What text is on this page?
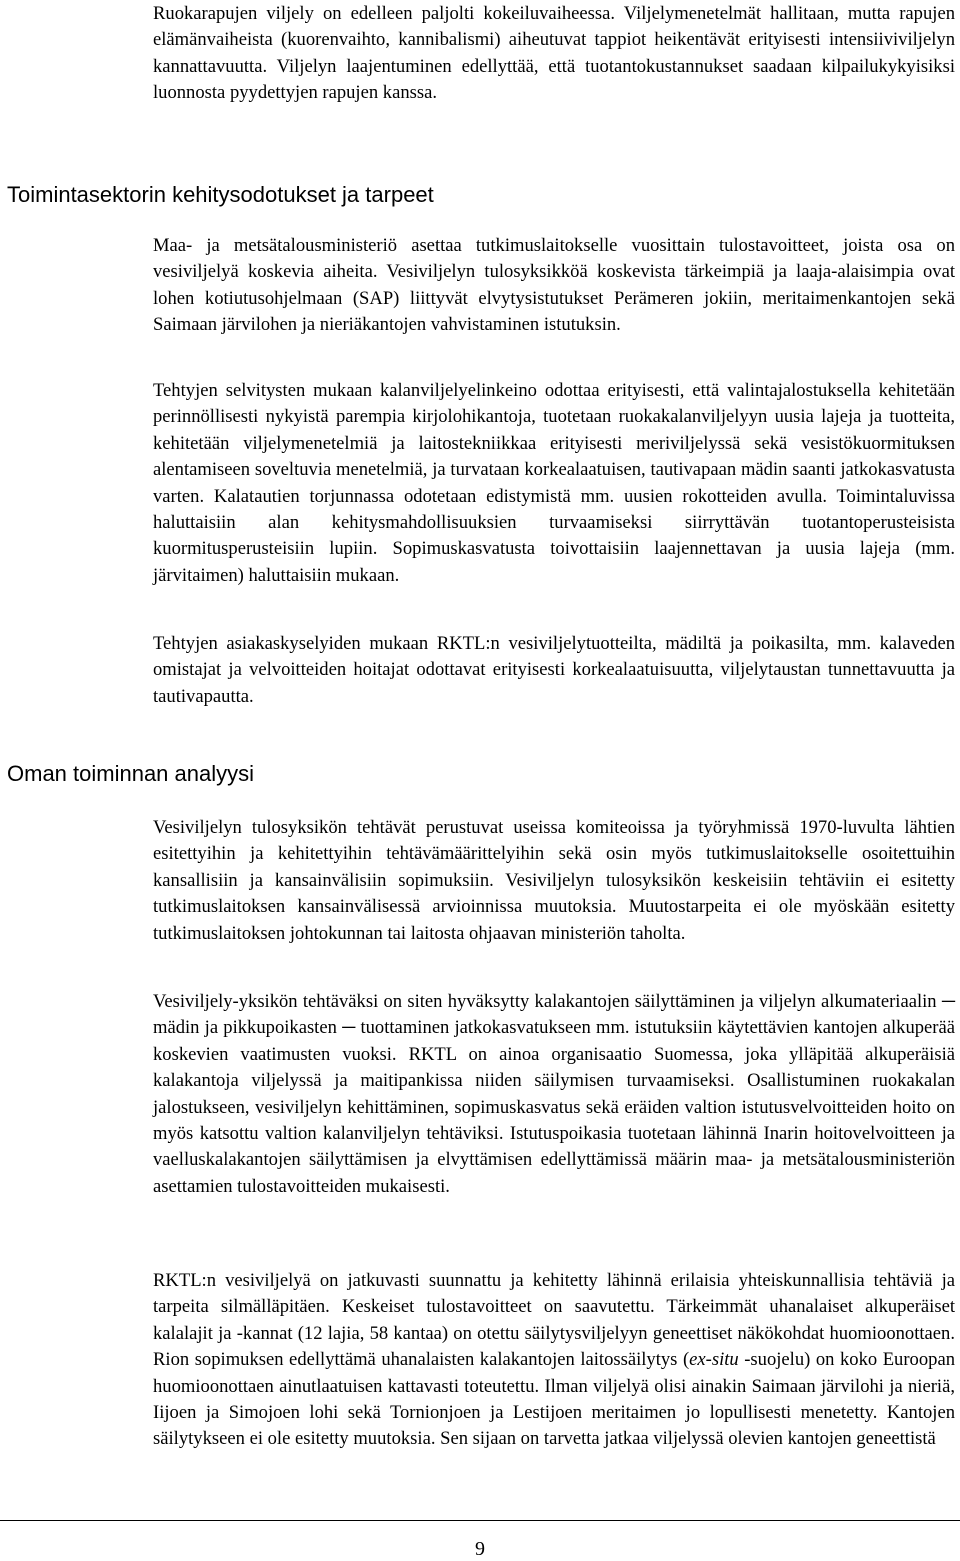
Ruokarapujen viljely on edelleen paljolti kokeiluvaiheessa. Viljelymenetelmät hallitaan, mutta rapujen elämänvaiheista (kuorenvaihto, kannibalismi) aiheutuvat tappiot heikentävät erityisesti intensiiviviljelyn kannattavuutta. Viljelyn laajentuminen edellyttää, että tuotantokustannukset saadaan kilpailukykyisiksi luonnosta pyydettyjen rapujen kanssa.

Toimintasektorin kehitysodotukset ja tarpeet

Maa- ja metsätalousministeriö asettaa tutkimuslaitokselle vuosittain tulostavoitteet, joista osa on vesiviljelyä koskevia aiheita. Vesiviljelyn tulosyksikköä koskevista tärkeimpiä ja laaja-alaisimpia ovat lohen kotiutusohjelmaan (SAP) liittyvät elvytysistutukset Perämeren jokiin, meritaimenkantojen sekä Saimaan järvilohen ja nieriäkantojen vahvistaminen istutuksin.

Tehtyjen selvitysten mukaan kalanviljelyelinkeino odottaa erityisesti, että valintajalostuksella kehitetään perinnöllisesti nykyistä parempia kirjolohikantoja, tuotetaan ruokakalanviljelyyn uusia lajeja ja tuotteita, kehitetään viljelymenetelmiä ja laitostekniikkaa erityisesti meriviljelyssä sekä vesistökuormituksen alentamiseen soveltuvia menetelmiä, ja turvataan korkealaatuisen, tautivapaan mädin saanti jatkokasvatusta varten. Kalatautien torjunnassa odotetaan edistymistä mm. uusien rokotteiden avulla. Toimintaluvissa haluttaisiin alan kehitysmahdollisuuksien turvaamiseksi siirryttävän tuotantoperusteisista kuormitusperusteisiin lupiin. Sopimuskasvatusta toivottaisiin laajennettavan ja uusia lajeja (mm. järvitaimen) haluttaisiin mukaan.

Tehtyjen asiakaskyselyiden mukaan RKTL:n vesiviljelytuotteilta, mädiltä ja poikasilta, mm. kalaveden omistajat ja velvoitteiden hoitajat odottavat erityisesti korkealaatuisuutta, viljelytaustan tunnettavuutta ja tautivapautta.

Oman toiminnan analyysi

Vesiviljelyn tulosyksikön tehtävät perustuvat useissa komiteoissa ja työryhmissä 1970-luvulta lähtien esitettyihin ja kehitettyihin tehtävämäärittelyihin sekä osin myös tutkimuslaitokselle osoitettuihin kansallisiin ja kansainvälisiin sopimuksiin. Vesiviljelyn tulosyksikön keskeisiin tehtäviin ei esitetty tutkimuslaitoksen kansainvälisessä arvioinnissa muutoksia. Muutostarpeita ei ole myöskään esitetty tutkimuslaitoksen johtokunnan tai laitosta ohjaavan ministeriön taholta.

Vesiviljely-yksikön tehtäväksi on siten hyväksytty kalakantojen säilyttäminen ja viljelyn alkumateriaalin ─ mädin ja pikkupoikasten ─ tuottaminen jatkokasvatukseen mm. istutuksiin käytettävien kantojen alkuperää koskevien vaatimusten vuoksi. RKTL on ainoa organisaatio Suomessa, joka ylläpitää alkuperäisiä kalakantoja viljelyssä ja maitipankissa niiden säilymisen turvaamiseksi. Osallistuminen ruokakalan jalostukseen, vesiviljelyn kehittäminen, sopimuskasvatus sekä eräiden valtion istutusvelvoitteiden hoito on myös katsottu valtion kalanviljelyn tehtäviksi. Istutuspoikasia tuotetaan lähinnä Inarin hoitovelvoitteen ja vaelluskalakantojen säilyttämisen ja elvyttämisen edellyttämissä määrin maa- ja metsätalousministeriön asettamien tulostavoitteiden mukaisesti.

RKTL:n vesiviljelyä on jatkuvasti suunnattu ja kehitetty lähinnä erilaisia yhteiskunnallisia tehtäviä ja tarpeita silmälläpitäen. Keskeiset tulostavoitteet on saavutettu. Tärkeimmät uhanalaiset alkuperäiset kalalajit ja -kannat (12 lajia, 58 kantaa) on otettu säilytysviljelyyn geneettiset näkökohdat huomioonottaen. Rion sopimuksen edellyttämä uhanalaisten kalakantojen laitossäilytys (ex-situ -suojelu) on koko Euroopan huomioonottaen ainutlaatuisen kattavasti toteutettu. Ilman viljelyä olisi ainakin Saimaan järvilohi ja nieriä, Iijoen ja Simojoen lohi sekä Tornionjoen ja Lestijoen meritaimen jo lopullisesti menetetty. Kantojen säilytykseen ei ole esitetty muutoksia. Sen sijaan on tarvetta jatkaa viljelyssä olevien kantojen geneettistä

9
